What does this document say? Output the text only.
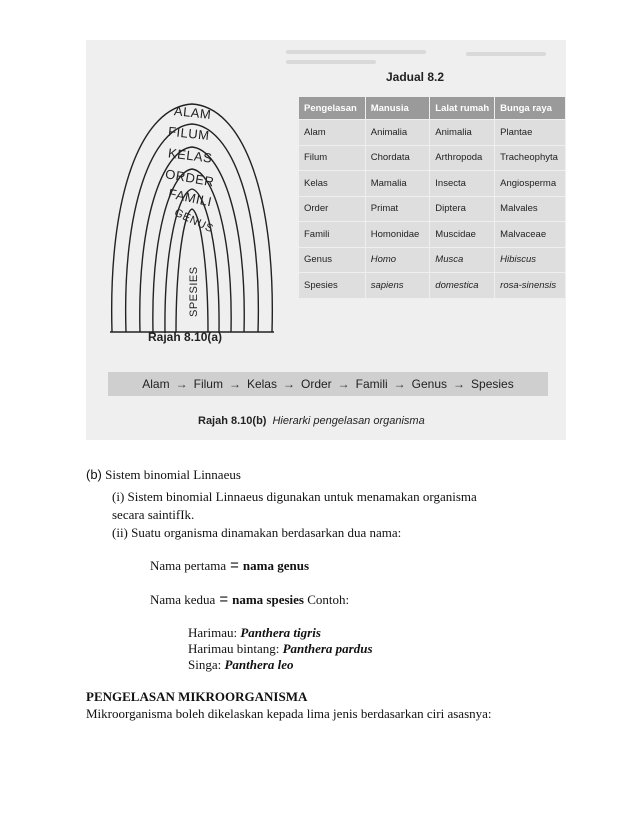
ALAM
FILUM
KELAS
ORDER
FAMILI
GENUS
SPESIES
Rajah 8.10(a)
Jadual 8.2
Pengelasan	Manusia	Lalat rumah	Bunga raya
Alam	Animalia	Animalia	Plantae
Filum	Chordata	Arthropoda	Tracheophyta
Kelas	Mamalia	Insecta	Angiosperma
Order	Primat	Diptera	Malvales
Famili	Homonidae	Muscidae	Malvaceae
Genus	Homo	Musca	Hibiscus
Spesies	sapiens	domestica	rosa-sinensis
Alam → Filum → Kelas → Order → Famili → Genus → Spesies
Rajah 8.10(b) Hierarki pengelasan organisma
(b) Sistem binomial Linnaeus
(i) Sistem binomial Linnaeus digunakan untuk menamakan organisma
secara saintifIk.
(ii) Suatu organisma dinamakan berdasarkan dua nama:
Nama pertama = nama genus
Nama kedua = nama spesies Contoh:
Harimau: Panthera tigris
Harimau bintang: Panthera pardus
Singa: Panthera leo
PENGELASAN MIKROORGANISMA
Mikroorganisma boleh dikelaskan kepada lima jenis berdasarkan ciri asasnya:
